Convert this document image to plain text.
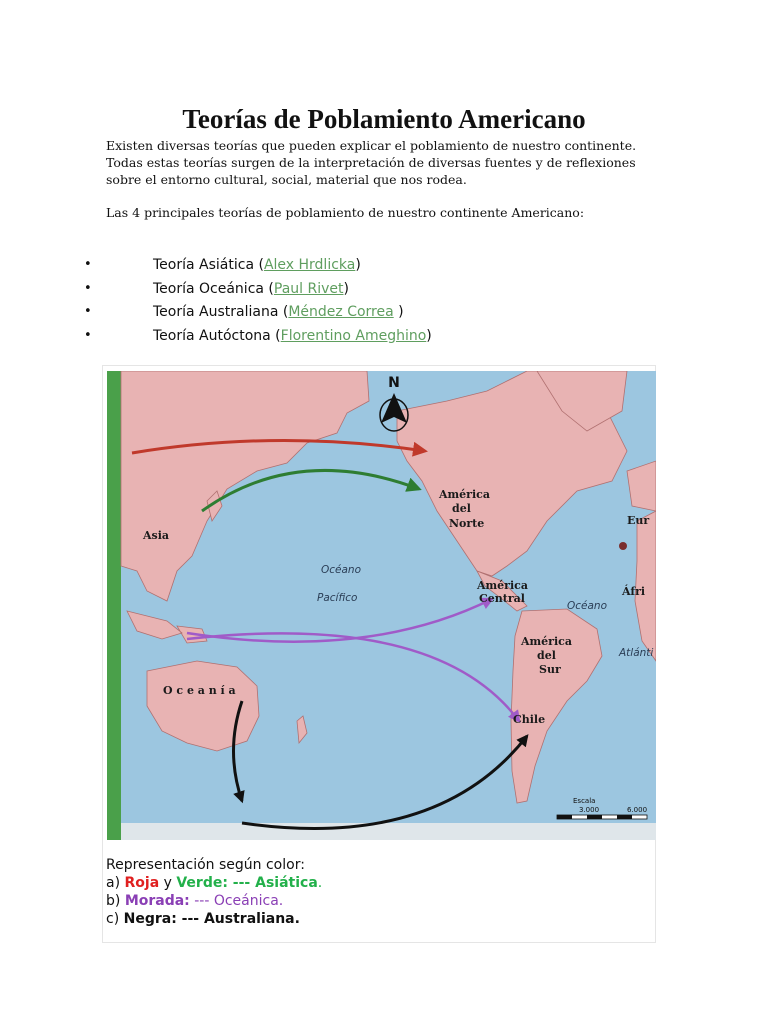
Teorías de Poblamiento Americano

Existen diversas teorías que pueden explicar el poblamiento de nuestro continente.
Todas estas teorías surgen de la interpretación de diversas fuentes y de reflexiones
sobre el entorno cultural, social, material que nos rodea.

Las 4 principales teorías de poblamiento de nuestro continente Americano:

•	Teoría Asiática (Alex Hrdlicka)
•	Teoría Oceánica (Paul Rivet)
•	Teoría Australiana (Méndez Correa )
•	Teoría Autóctona (Florentino Ameghino)
N
Asia
América
del
Norte
América
Central
América
del
Sur
O c e a n í a
Chile
Océano
Pacífico
Océano
Atlánti
Eur
Áfri
Escala
3.000	6.000
Representación según color:
a) Roja y Verde: --- Asiática.
b) Morada: --- Oceánica.
c) Negra: --- Australiana.
